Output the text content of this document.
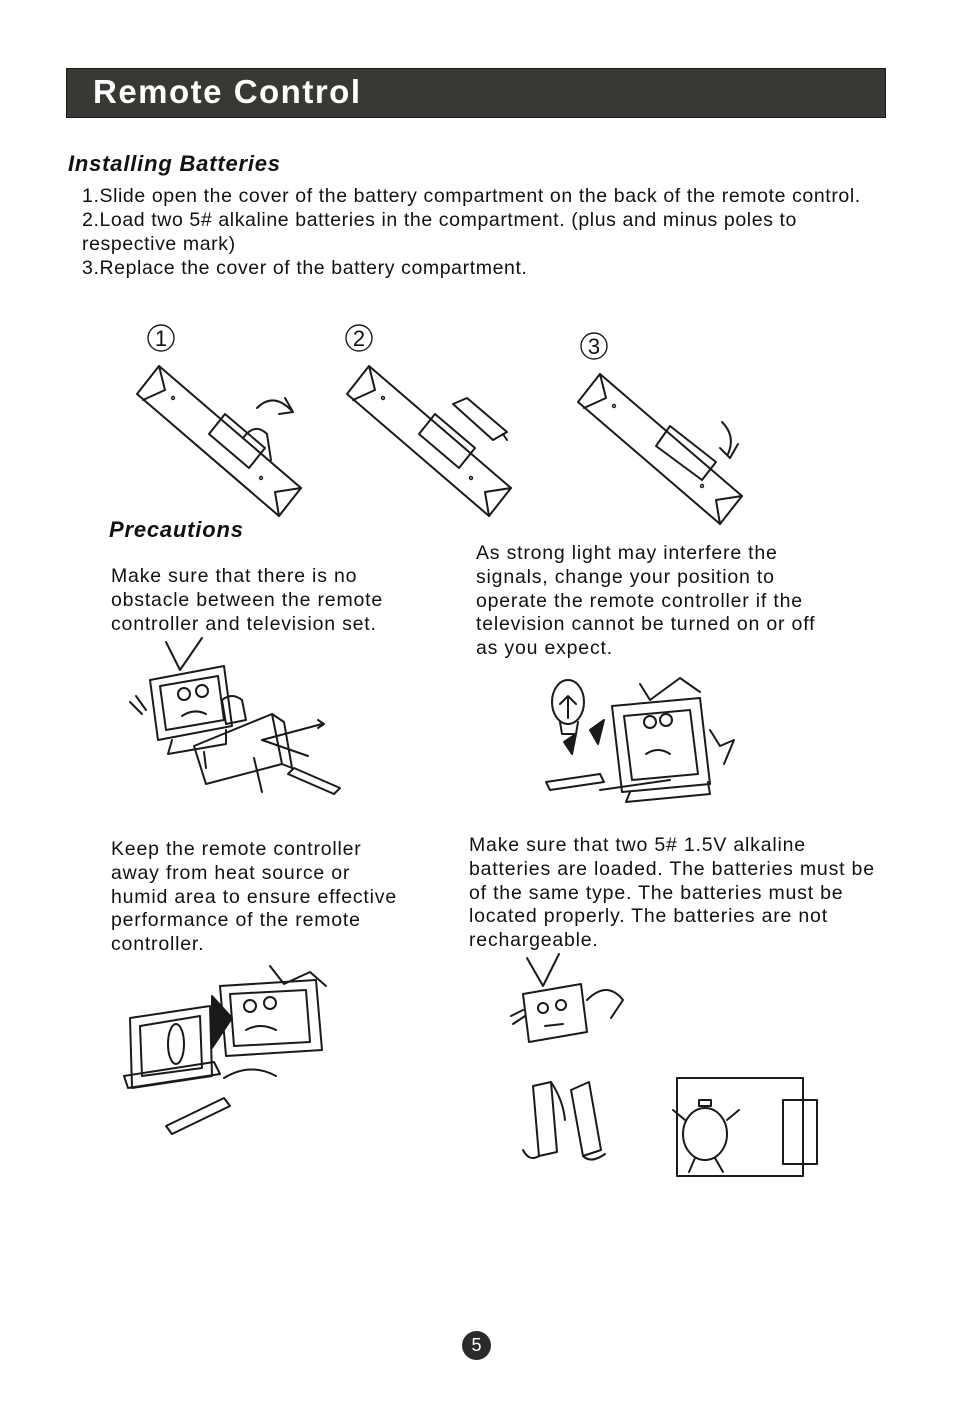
Remote Control
Installing Batteries

1.Slide open the cover of the battery compartment on the back of the remote control.

2.Load two 5# alkaline batteries in the compartment. (plus and minus poles to respective mark)

3.Replace the cover of the battery compartment.

1	2	3
Precautions

Make sure that there is no obstacle between the remote controller and television set.

As strong light may interfere the signals, change your position to operate the remote controller if the television cannot be turned on or off as you expect.

Keep the remote controller away from heat source or humid area to ensure effective performance of the remote controller.

Make sure that two 5# 1.5V alkaline batteries are loaded. The batteries must be of the same type. The batteries must be located properly. The batteries are not rechargeable.

5
